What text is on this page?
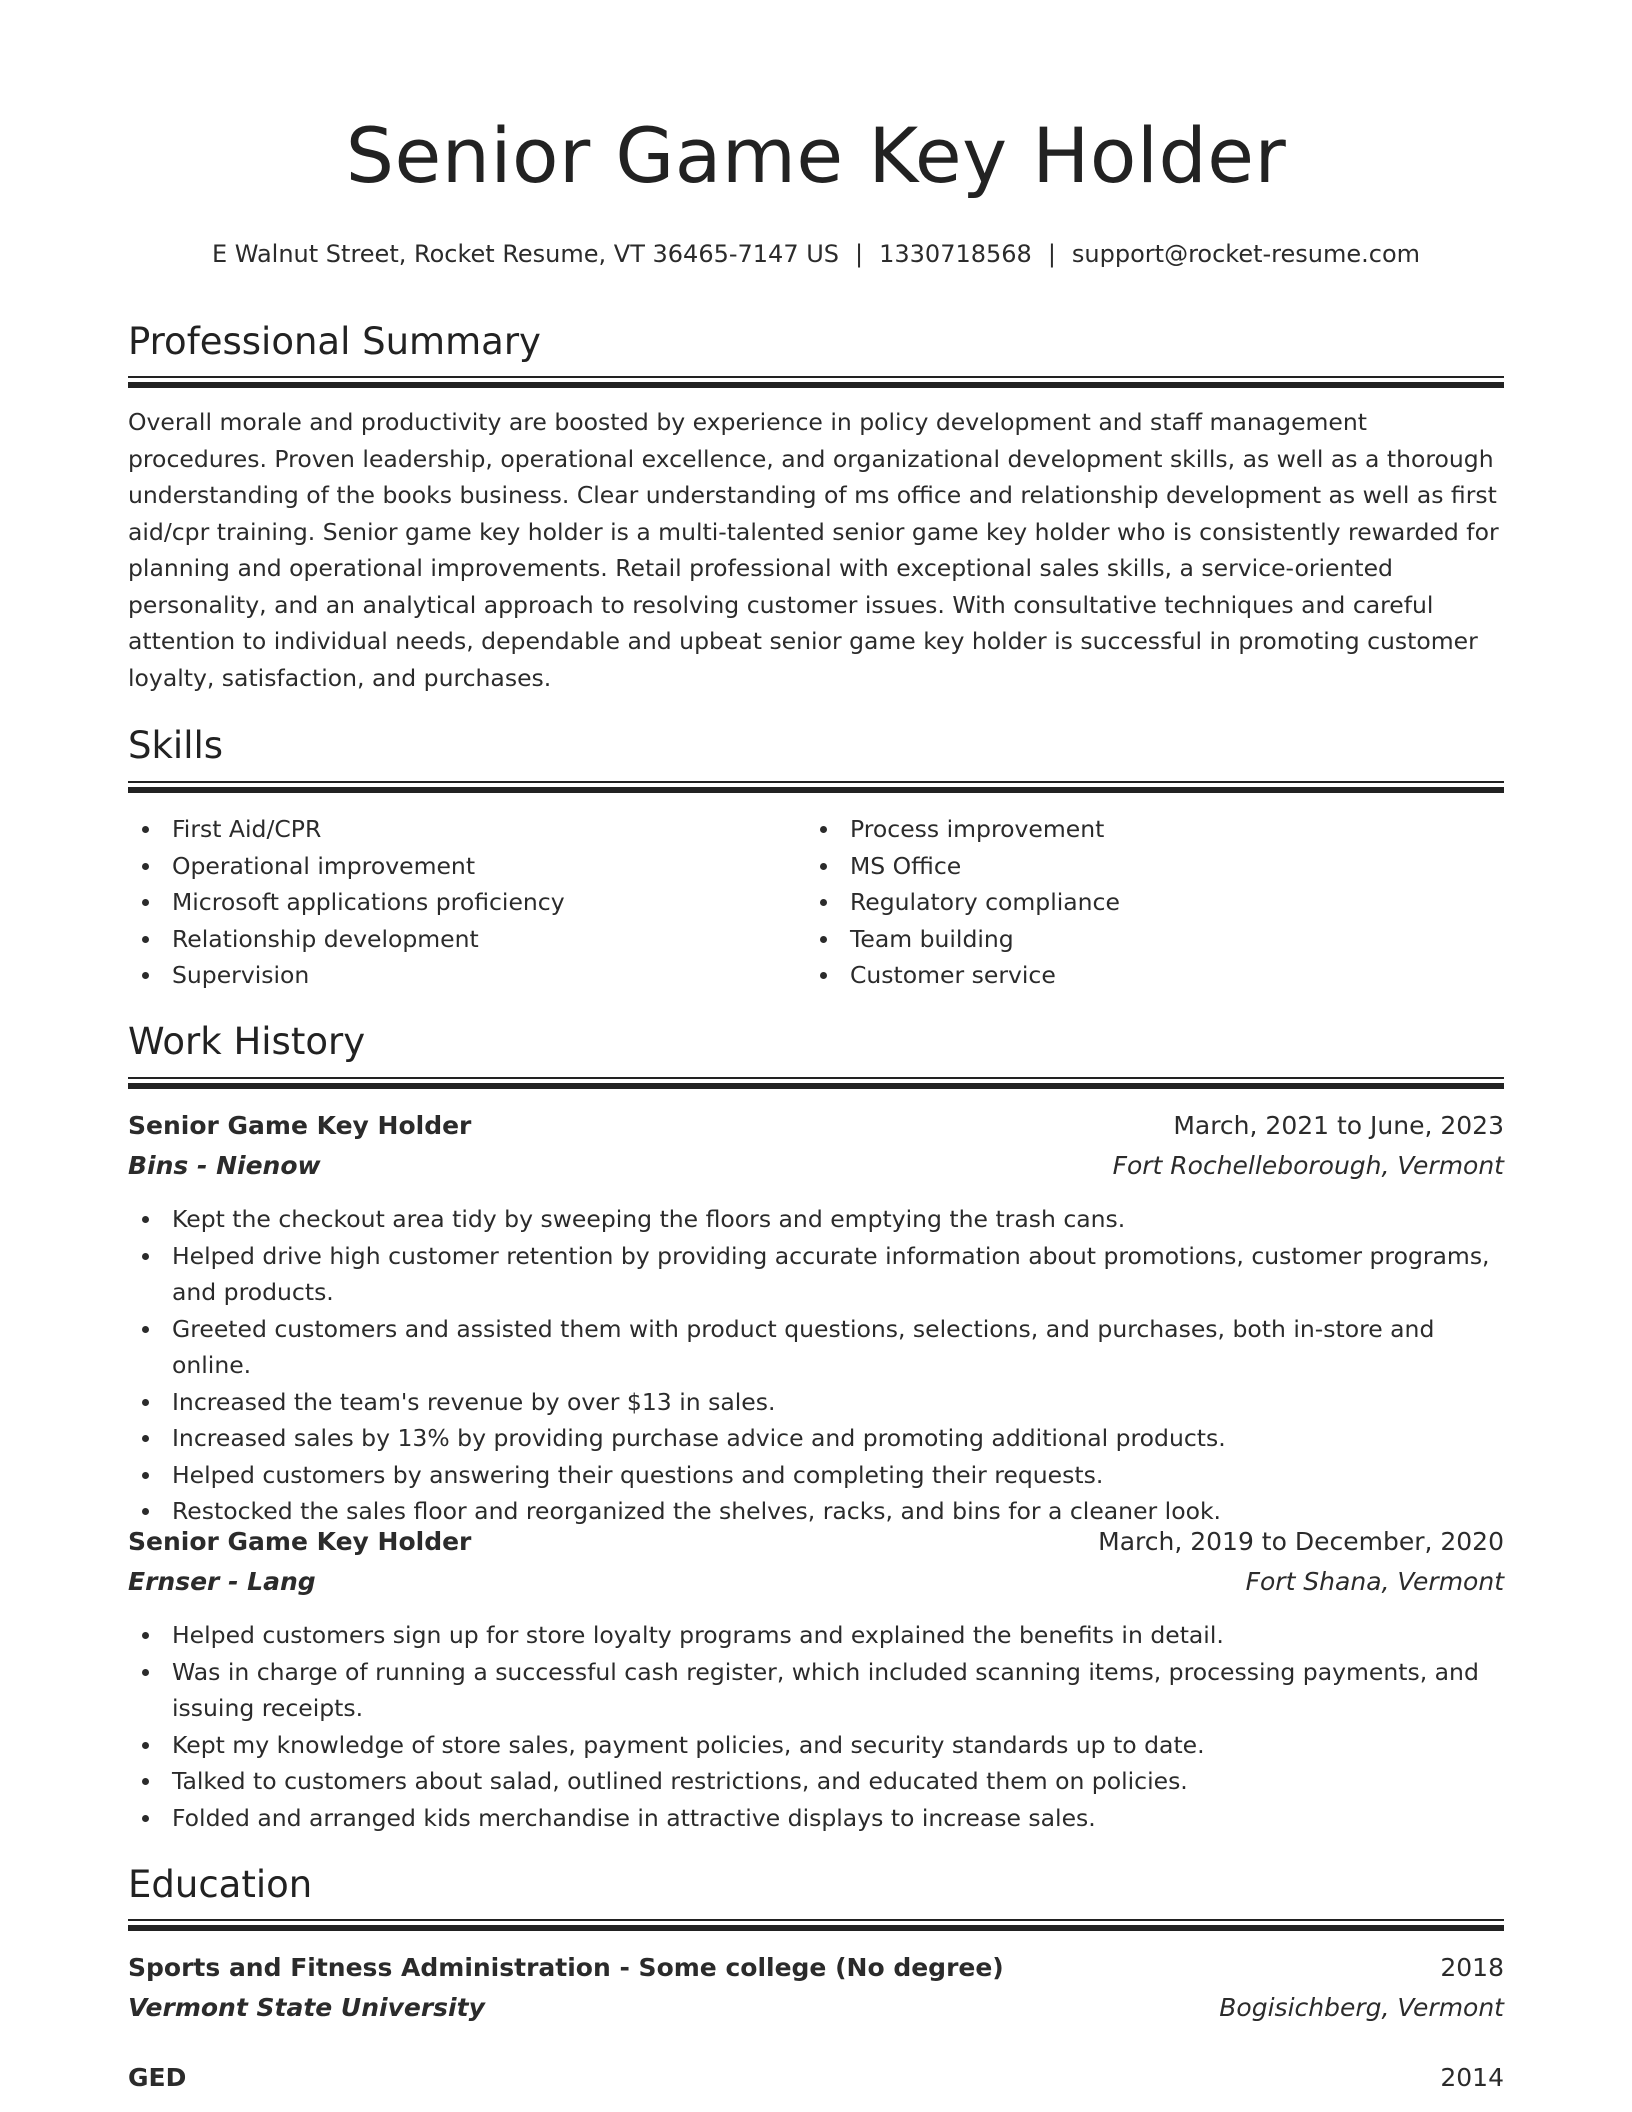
Senior Game Key Holder
E Walnut Street, Rocket Resume, VT 36465-7147 US | 1330718568 | support@rocket-resume.com
Professional Summary

Overall morale and productivity are boosted by experience in policy development and staff management procedures. Proven leadership, operational excellence, and organizational development skills, as well as a thorough understanding of the books business. Clear understanding of ms office and relationship development as well as first aid/cpr training. Senior game key holder is a multi-talented senior game key holder who is consistently rewarded for planning and operational improvements. Retail professional with exceptional sales skills, a service-oriented personality, and an analytical approach to resolving customer issues. With consultative techniques and careful attention to individual needs, dependable and upbeat senior game key holder is successful in promoting customer loyalty, satisfaction, and purchases.

Skills
First Aid/CPR
Operational improvement
Microsoft applications proficiency
Relationship development
Supervision
Process improvement
MS Office
Regulatory compliance
Team building
Customer service
Work History
Senior Game Key Holder	March, 2021 to June, 2023
Bins - Nienow	Fort Rochelleborough, Vermont
Kept the checkout area tidy by sweeping the floors and emptying the trash cans.
Helped drive high customer retention by providing accurate information about promotions, customer programs, and products.
Greeted customers and assisted them with product questions, selections, and purchases, both in-store and online.
Increased the team's revenue by over $13 in sales.
Increased sales by 13% by providing purchase advice and promoting additional products.
Helped customers by answering their questions and completing their requests.
Restocked the sales floor and reorganized the shelves, racks, and bins for a cleaner look.
Senior Game Key Holder	March, 2019 to December, 2020
Ernser - Lang	Fort Shana, Vermont
Helped customers sign up for store loyalty programs and explained the benefits in detail.
Was in charge of running a successful cash register, which included scanning items, processing payments, and issuing receipts.
Kept my knowledge of store sales, payment policies, and security standards up to date.
Talked to customers about salad, outlined restrictions, and educated them on policies.
Folded and arranged kids merchandise in attractive displays to increase sales.
Education
Sports and Fitness Administration - Some college (No degree)	2018
Vermont State University	Bogisichberg, Vermont
GED	2014
